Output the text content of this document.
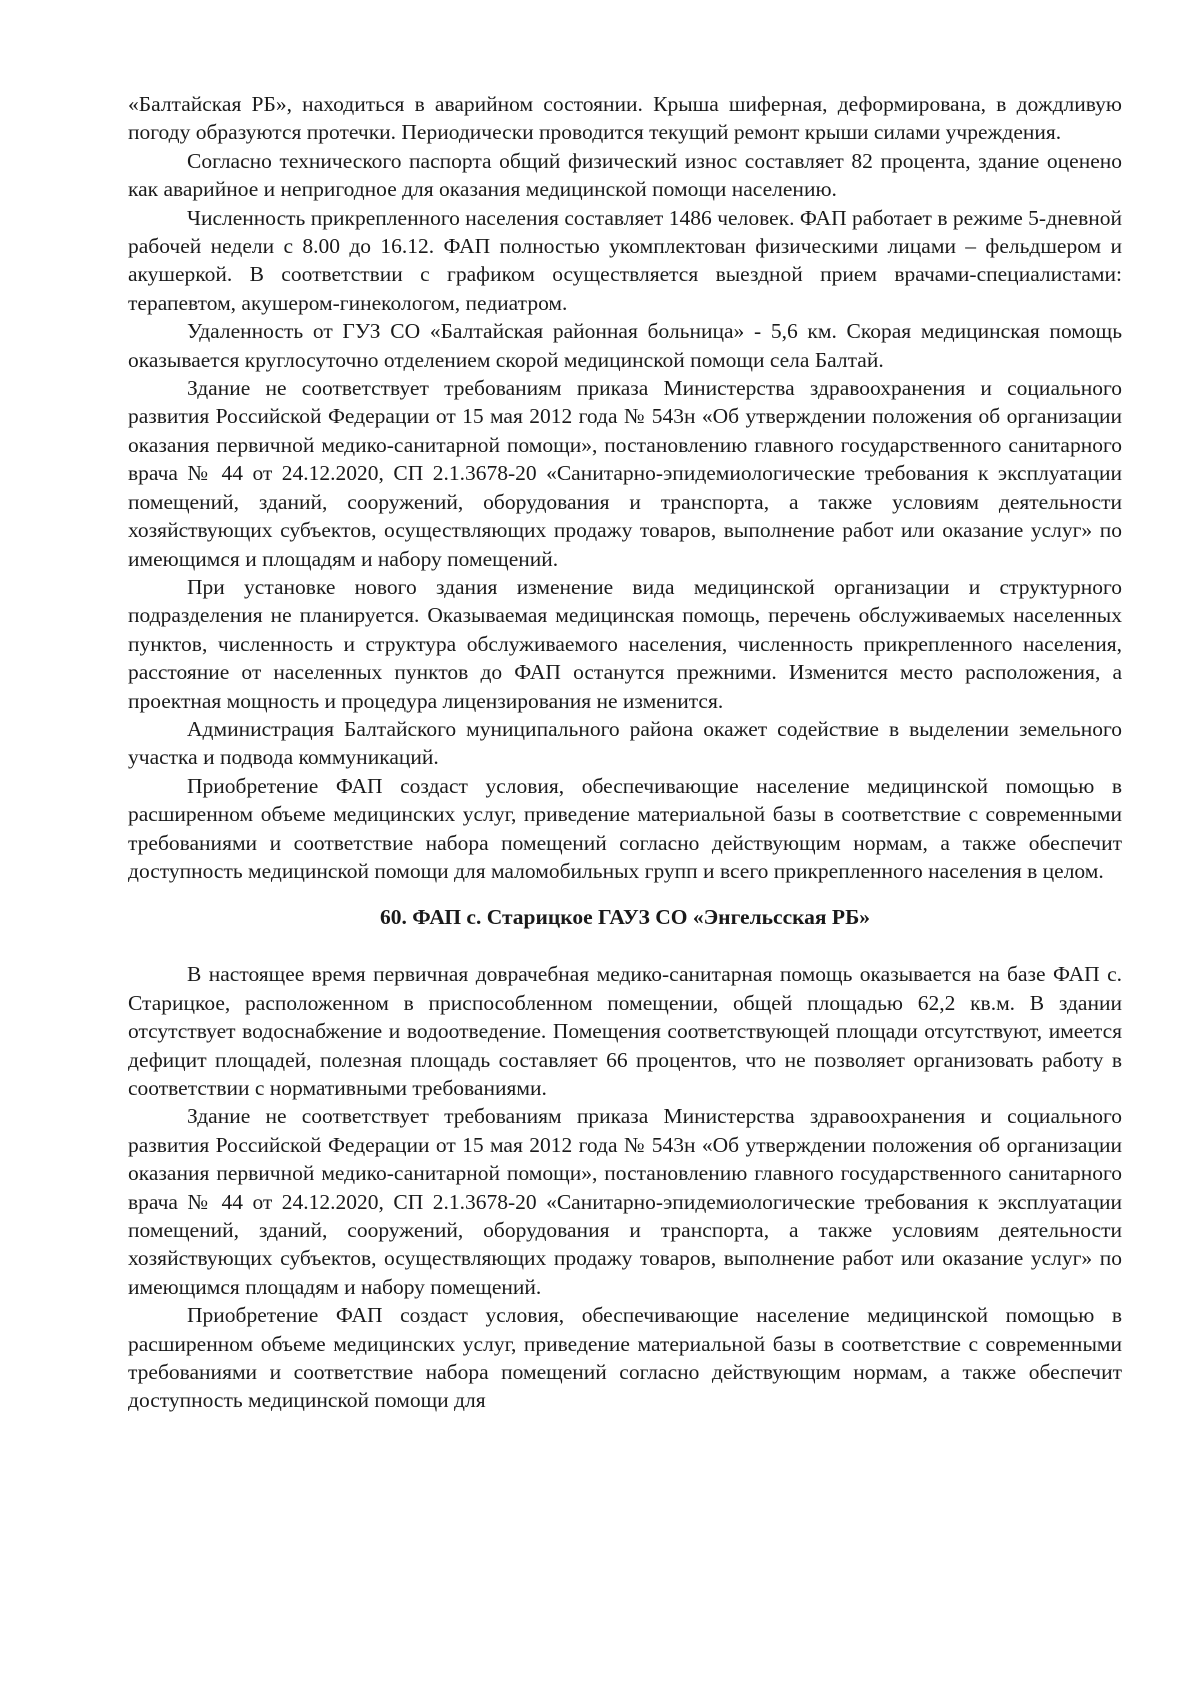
«Балтайская РБ», находиться в аварийном состоянии. Крыша шиферная, деформирована, в дождливую погоду образуются протечки. Периодически проводится текущий ремонт крыши силами учреждения.

Согласно технического паспорта общий физический износ составляет 82 процента, здание оценено как аварийное и непригодное для оказания медицинской помощи населению.

Численность прикрепленного населения составляет 1486 человек. ФАП работает в режиме 5-дневной рабочей недели с 8.00 до 16.12. ФАП полностью укомплектован физическими лицами – фельдшером и акушеркой. В соответствии с графиком осуществляется выездной прием врачами-специалистами: терапевтом, акушером-гинекологом, педиатром.

Удаленность от ГУЗ СО «Балтайская районная больница» - 5,6 км. Скорая медицинская помощь оказывается круглосуточно отделением скорой медицинской помощи села Балтай.

Здание не соответствует требованиям приказа Министерства здравоохранения и социального развития Российской Федерации от 15 мая 2012 года № 543н «Об утверждении положения об организации оказания первичной медико-санитарной помощи», постановлению главного государственного санитарного врача № 44 от 24.12.2020, СП 2.1.3678-20 «Санитарно-эпидемиологические требования к эксплуатации помещений, зданий, сооружений, оборудования и транспорта, а также условиям деятельности хозяйствующих субъектов, осуществляющих продажу товаров, выполнение работ или оказание услуг» по имеющимся и площадям и набору помещений.

При установке нового здания изменение вида медицинской организации и структурного подразделения не планируется. Оказываемая медицинская помощь, перечень обслуживаемых населенных пунктов, численность и структура обслуживаемого населения, численность прикрепленного населения, расстояние от населенных пунктов до ФАП останутся прежними. Изменится место расположения, а проектная мощность и процедура лицензирования не изменится.

Администрация Балтайского муниципального района окажет содействие в выделении земельного участка и подвода коммуникаций.

Приобретение ФАП создаст условия, обеспечивающие население медицинской помощью в расширенном объеме медицинских услуг, приведение материальной базы в соответствие с современными требованиями и соответствие набора помещений согласно действующим нормам, а также обеспечит доступность медицинской помощи для маломобильных групп и всего прикрепленного населения в целом.

60. ФАП с. Старицкое ГАУЗ СО «Энгельсская РБ»

В настоящее время первичная доврачебная медико-санитарная помощь оказывается на базе ФАП с. Старицкое, расположенном в приспособленном помещении, общей площадью 62,2 кв.м. В здании отсутствует водоснабжение и водоотведение. Помещения соответствующей площади отсутствуют, имеется дефицит площадей, полезная площадь составляет 66 процентов, что не позволяет организовать работу в соответствии с нормативными требованиями.

Здание не соответствует требованиям приказа Министерства здравоохранения и социального развития Российской Федерации от 15 мая 2012 года № 543н «Об утверждении положения об организации оказания первичной медико-санитарной помощи», постановлению главного государственного санитарного врача № 44 от 24.12.2020, СП 2.1.3678-20 «Санитарно-эпидемиологические требования к эксплуатации помещений, зданий, сооружений, оборудования и транспорта, а также условиям деятельности хозяйствующих субъектов, осуществляющих продажу товаров, выполнение работ или оказание услуг» по имеющимся площадям и набору помещений.

Приобретение ФАП создаст условия, обеспечивающие население медицинской помощью в расширенном объеме медицинских услуг, приведение материальной базы в соответствие с современными требованиями и соответствие набора помещений согласно действующим нормам, а также обеспечит доступность медицинской помощи для
